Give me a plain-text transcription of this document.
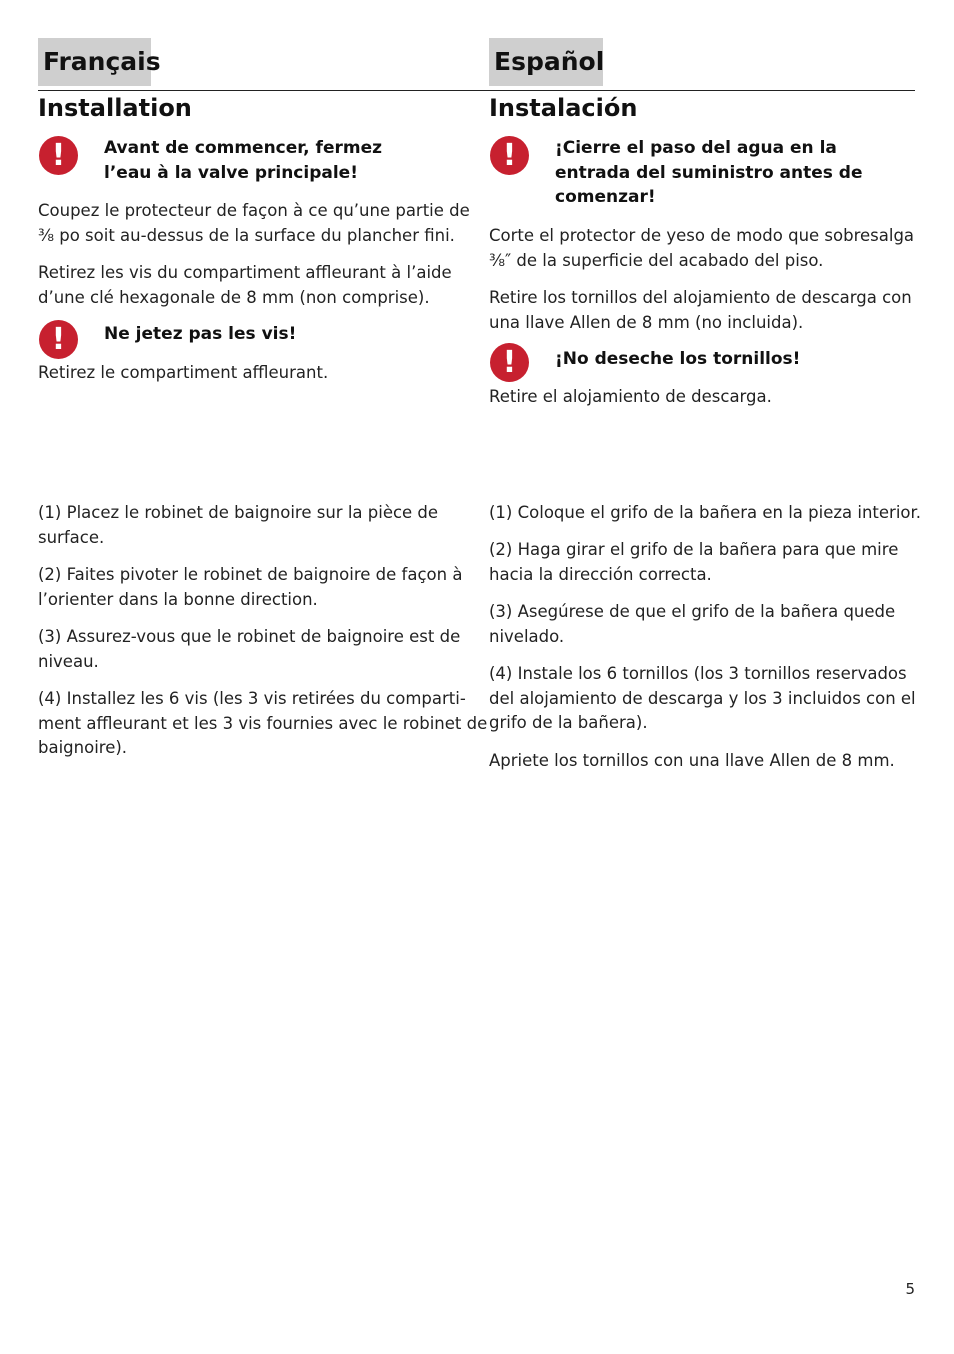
Français	Español
Installation
!	Avant de commencer, fermez
l’eau à la valve principale!
Coupez le protecteur de façon à ce qu’une partie de
⅜ po soit au-dessus de la surface du plancher fini.
Retirez les vis du compartiment affleurant à l’aide
d’une clé hexagonale de 8 mm (non comprise).
!	Ne jetez pas les vis!
Retirez le compartiment affleurant.
(1) Placez le robinet de baignoire sur la pièce de
surface.
(2) Faites pivoter le robinet de baignoire de façon à
l’orienter dans la bonne direction.
(3) Assurez-vous que le robinet de baignoire est de
niveau.
(4) Installez les 6 vis (les 3 vis retirées du comparti-
ment affleurant et les 3 vis fournies avec le robinet de
baignoire).
Instalación
!	¡Cierre el paso del agua en la
entrada del suministro antes de
comenzar!
Corte el protector de yeso de modo que sobresalga
⅜″ de la superficie del acabado del piso.
Retire los tornillos del alojamiento de descarga con
una llave Allen de 8 mm (no incluida).
!	¡No deseche los tornillos!
Retire el alojamiento de descarga.
(1) Coloque el grifo de la bañera en la pieza interior.
(2) Haga girar el grifo de la bañera para que mire
hacia la dirección correcta.
(3) Asegúrese de que el grifo de la bañera quede
nivelado.
(4) Instale los 6 tornillos (los 3 tornillos reservados
del alojamiento de descarga y los 3 incluidos con el
grifo de la bañera).
Apriete los tornillos con una llave Allen de 8 mm.
5
